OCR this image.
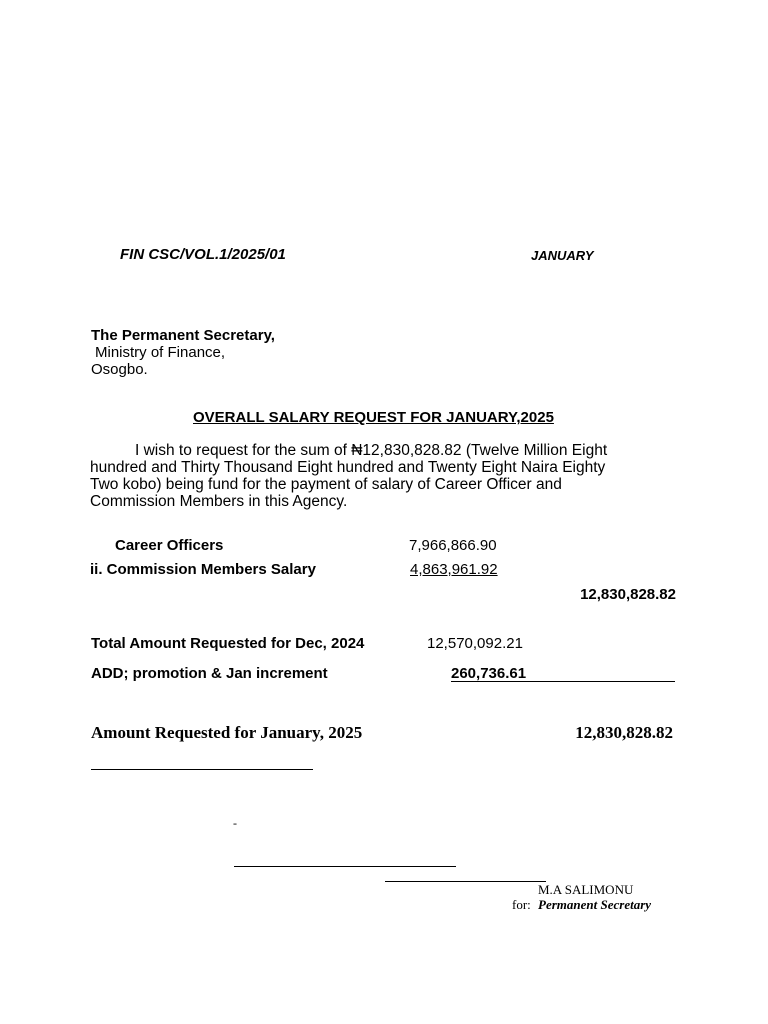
FIN CSC/VOL.1/2025/01	JANUARY
The Permanent Secretary,
Ministry of Finance,
Osogbo.
OVERALL SALARY REQUEST FOR JANUARY,2025
I wish to request for the sum of ₦12,830,828.82 (Twelve Million Eight
hundred and Thirty Thousand Eight hundred and Twenty Eight Naira Eighty
Two kobo) being fund for the payment of salary of Career Officer and
Commission Members in this Agency.
Career Officers	7,966,866.90
ii. Commission Members Salary	4,863,961.92
12,830,828.82
Total Amount Requested for Dec, 2024	12,570,092.21
ADD; promotion & Jan increment	260,736.61
Amount Requested for January, 2025	12,830,828.82
-
M.A SALIMONU
for: Permanent Secretary
